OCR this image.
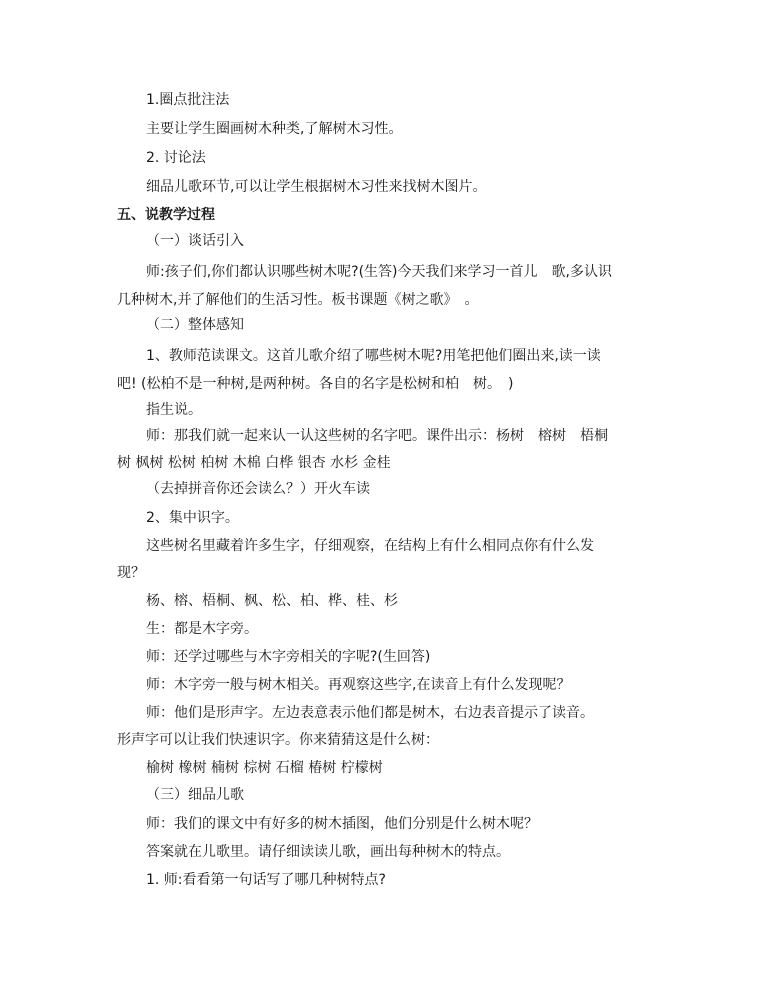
1.圈点批注法
主要让学生圈画树木种类,了解树木习性。
2. 讨论法
细品儿歌环节,可以让学生根据树木习性来找树木图片。
五、说教学过程
（一）谈话引入
师:孩子们,你们都认识哪些树木呢?(生答)今天我们来学习一首儿　歌,多认识
几种树木,并了解他们的生活习性。板书课题《树之歌》　。
（二）整体感知
1、教师范读课文。这首儿歌介绍了哪些树木呢?用笔把他们圈出来,读一读
吧! (松柏不是一种树,是两种树。各自的名字是松树和柏　树。　)
指生说。
师：那我们就一起来认一认这些树的名字吧。课件出示：杨树　榕树　梧桐
树 枫树 松树 柏树 木棉 白桦 银杏 水杉 金桂
（去掉拼音你还会读么？）开火车读
2、集中识字。
这些树名里藏着许多生字，仔细观察，在结构上有什么相同点你有什么发
现？
杨、榕、梧桐、枫、松、柏、桦、桂、杉
生：都是木字旁。
师：还学过哪些与木字旁相关的字呢?(生回答)
师：木字旁一般与树木相关。再观察这些字,在读音上有什么发现呢？
师：他们是形声字。左边表意表示他们都是树木，右边表音提示了读音。
形声字可以让我们快速识字。你来猜猜这是什么树：
榆树 橡树 楠树 棕树 石榴 椿树 柠檬树
（三）细品儿歌
师：我们的课文中有好多的树木插图，他们分别是什么树木呢？
答案就在儿歌里。请仔细读读儿歌，画出每种树木的特点。
1. 师:看看第一句话写了哪几种树特点?
